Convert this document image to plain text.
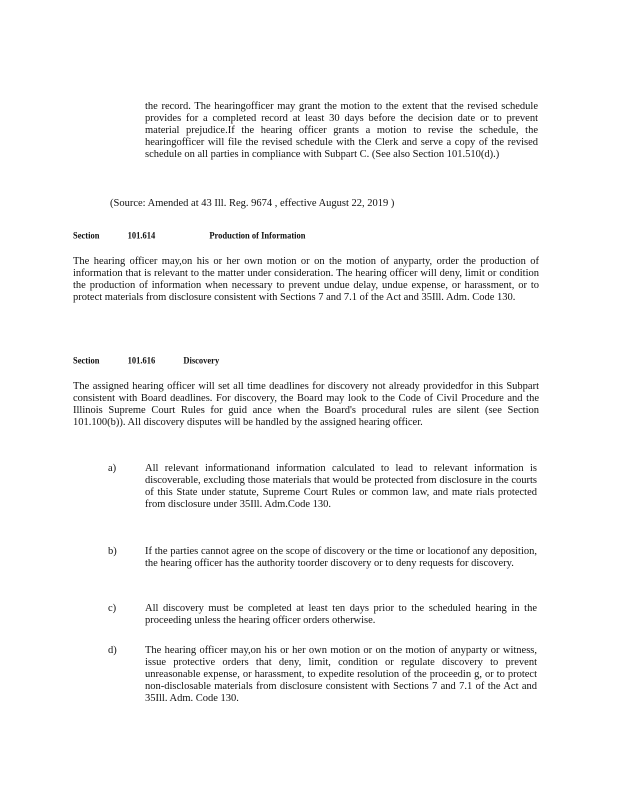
the record. The hearingofficer may grant the motion to the extent that the revised schedule provides for a completed record at least 30 days before the decision date or to prevent material prejudice.If the hearing officer grants a motion to revise the schedule, the hearingofficer will file the revised schedule with the Clerk and serve a copy of the revised schedule on all parties in compliance with Subpart C. (See also Section 101.510(d).)
(Source: Amended at 43 Ill. Reg. 9674 , effective August 22, 2019 )
Section	101.614	Production of Information
The hearing officer may,on his or her own motion or on the motion of anyparty, order the production of information that is relevant to the matter under consideration. The hearing officer will deny, limit or condition the production of information when necessary to prevent undue delay, undue expense, or harassment, or to protect materials from disclosure consistent with Sections 7 and 7.1 of the Act and 35Ill. Adm. Code 130.
Section	101.616	Discovery
The assigned hearing officer will set all time deadlines for discovery not already providedfor in this Subpart consistent with Board deadlines. For discovery, the Board may look to the Code of Civil Procedure and the Illinois Supreme Court Rules for guid ance when the Board's procedural rules are silent (see Section 101.100(b)). All discovery disputes will be handled by the assigned hearing officer.
a)	All relevant informationand information calculated to lead to relevant information is discoverable, excluding those materials that would be protected from disclosure in the courts of this State under statute, Supreme Court Rules or common law, and mate rials protected from disclosure under 35Ill. Adm.Code 130.
b)	If the parties cannot agree on the scope of discovery or the time or locationof any deposition, the hearing officer has the authority toorder discovery or to deny requests for discovery.
c)	All discovery must be completed at least ten days prior to the scheduled hearing in the proceeding unless the hearing officer orders otherwise.
d)	The hearing officer may,on his or her own motion or on the motion of anyparty or witness, issue protective orders that deny, limit, condition or regulate discovery to prevent unreasonable expense, or harassment, to expedite resolution of the proceedin g, or to protect non-disclosable materials from disclosure consistent with Sections 7 and 7.1 of the Act and 35Ill. Adm. Code 130.
